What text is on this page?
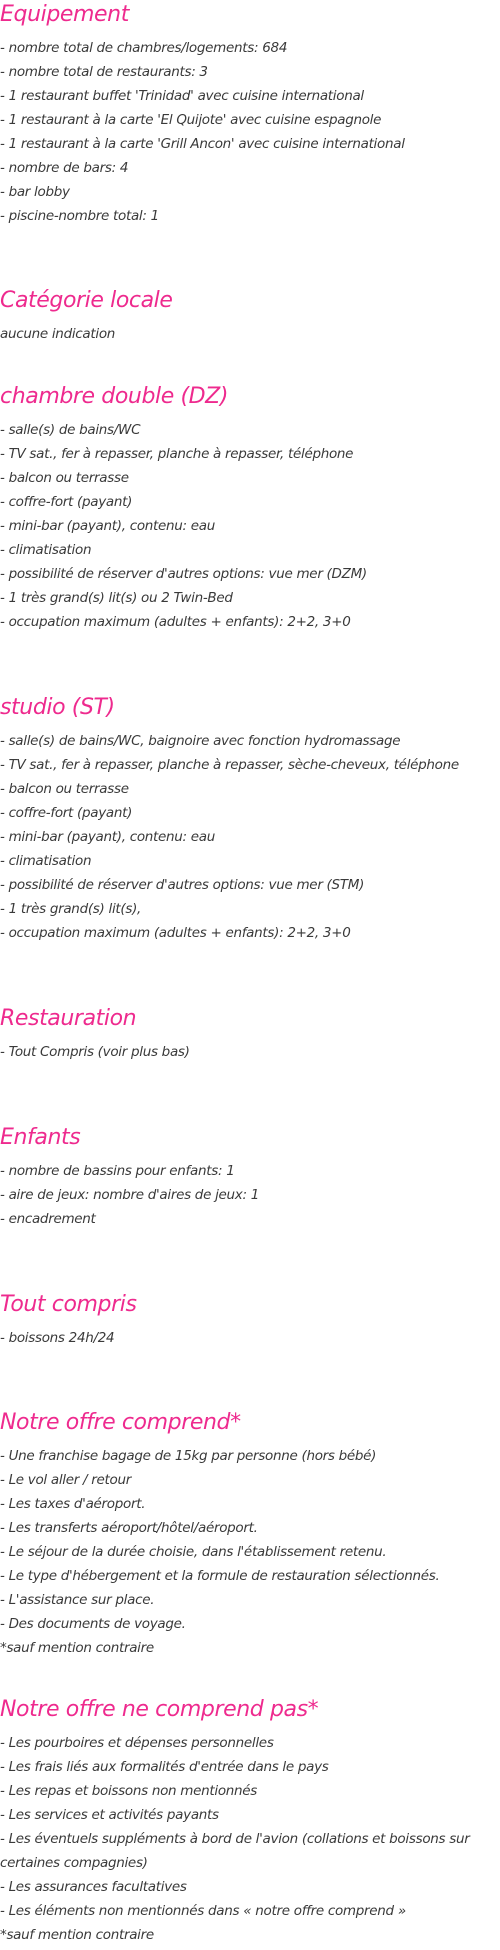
Equipement
- nombre total de chambres/logements: 684
- nombre total de restaurants: 3
- 1 restaurant buffet 'Trinidad' avec cuisine international
- 1 restaurant à la carte 'El Quijote' avec cuisine espagnole
- 1 restaurant à la carte 'Grill Ancon' avec cuisine international
- nombre de bars: 4
- bar lobby
- piscine-nombre total: 1
Catégorie locale
aucune indication
chambre double (DZ)
- salle(s) de bains/WC
- TV sat., fer à repasser, planche à repasser, téléphone
- balcon ou terrasse
- coffre-fort (payant)
- mini-bar (payant), contenu: eau
- climatisation
- possibilité de réserver d'autres options: vue mer (DZM)
- 1 très grand(s) lit(s) ou 2 Twin-Bed
- occupation maximum (adultes + enfants): 2+2, 3+0
studio (ST)
- salle(s) de bains/WC, baignoire avec fonction hydromassage
- TV sat., fer à repasser, planche à repasser, sèche-cheveux, téléphone
- balcon ou terrasse
- coffre-fort (payant)
- mini-bar (payant), contenu: eau
- climatisation
- possibilité de réserver d'autres options: vue mer (STM)
- 1 très grand(s) lit(s),
- occupation maximum (adultes + enfants): 2+2, 3+0
Restauration
- Tout Compris (voir plus bas)
Enfants
- nombre de bassins pour enfants: 1
- aire de jeux: nombre d'aires de jeux: 1
- encadrement
Tout compris
- boissons 24h/24
Notre offre comprend*
- Une franchise bagage de 15kg par personne (hors bébé)
- Le vol aller / retour
- Les taxes d'aéroport.
- Les transferts aéroport/hôtel/aéroport.
- Le séjour de la durée choisie, dans l'établissement retenu.
- Le type d'hébergement et la formule de restauration sélectionnés.
- L'assistance sur place.
- Des documents de voyage.
*sauf mention contraire
Notre offre ne comprend pas*
- Les pourboires et dépenses personnelles
- Les frais liés aux formalités d'entrée dans le pays
- Les repas et boissons non mentionnés
- Les services et activités payants
- Les éventuels suppléments à bord de l'avion (collations et boissons sur certaines compagnies)
- Les assurances facultatives
- Les éléments non mentionnés dans « notre offre comprend »
*sauf mention contraire
